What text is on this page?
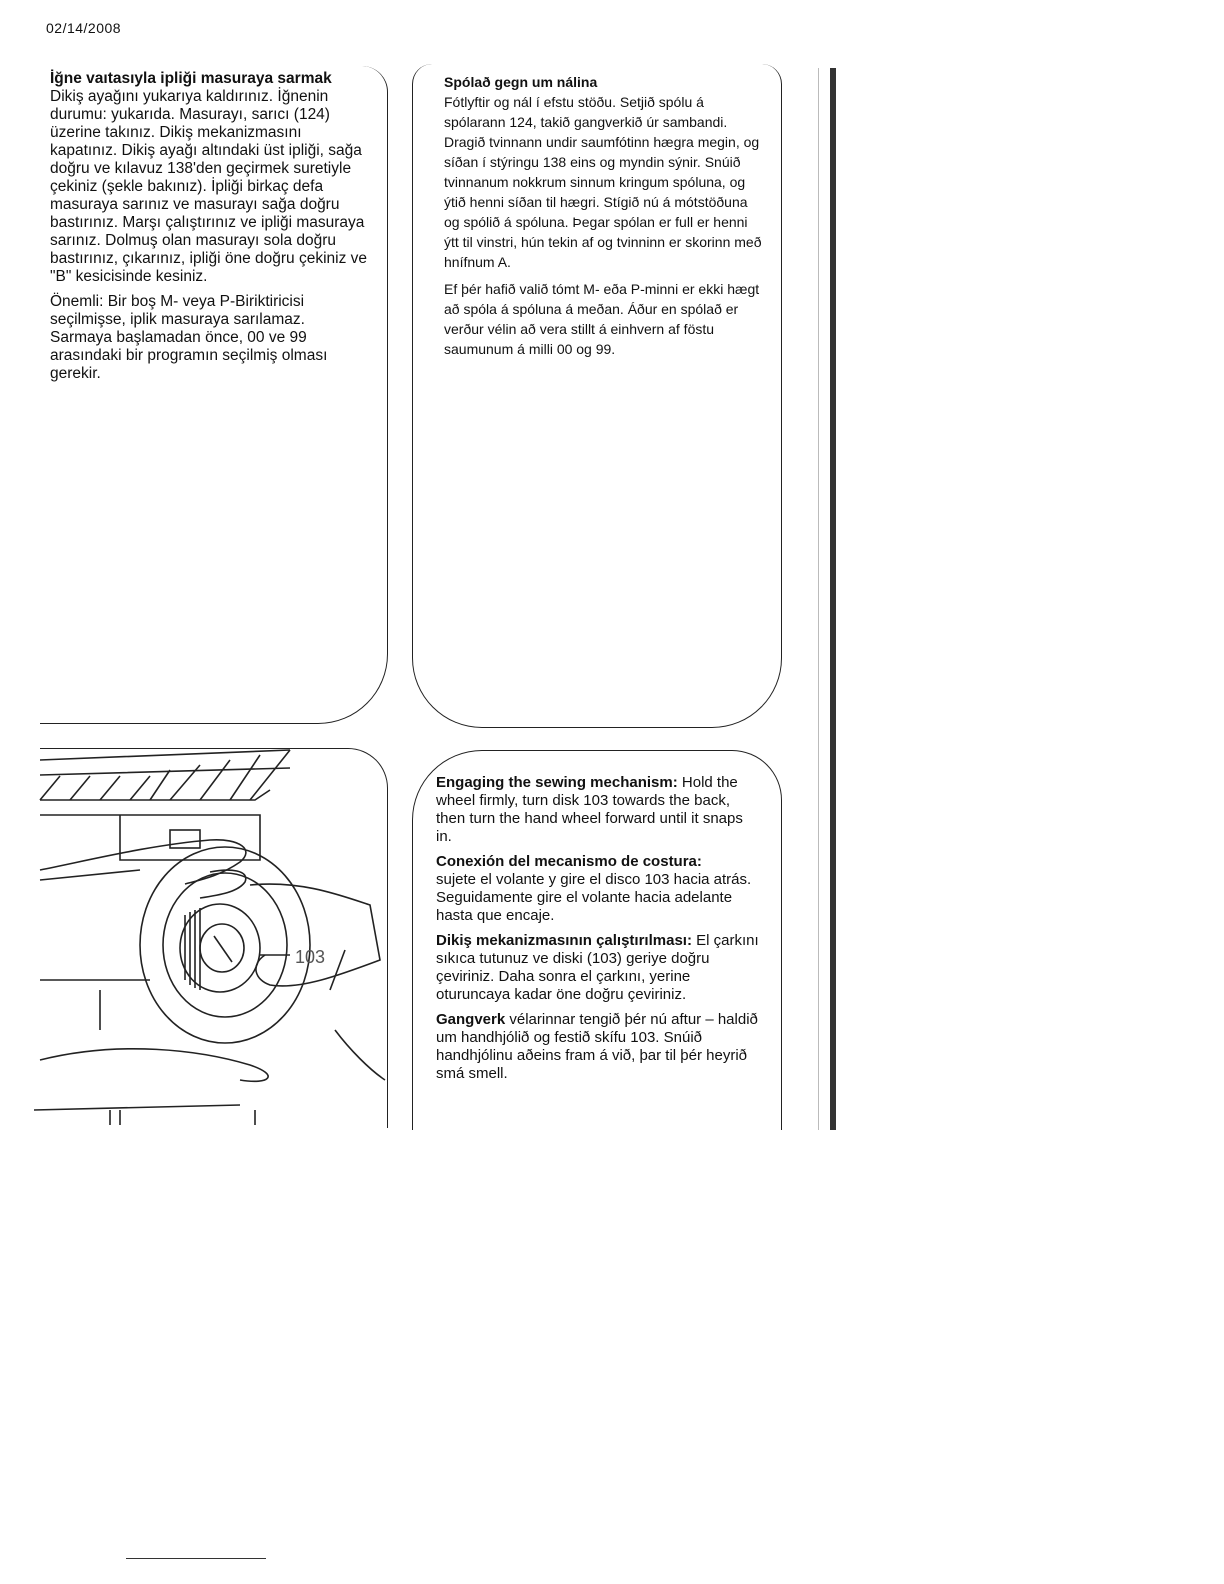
02/14/2008

İğne vaıtasıyla ipliği masuraya sarmak
Dikiş ayağını yukarıya kaldırınız. İğnenin durumu: yukarıda. Masurayı, sarıcı (124) üzerine takınız. Dikiş mekanizmasını kapatınız. Dikiş ayağı altındaki üst ipliği, sağa doğru ve kılavuz 138'den geçirmek suretiyle çekiniz (şekle bakınız). İpliği birkaç defa masuraya sarınız ve masurayı sağa doğru bastırınız. Marşı çalıştırınız ve ipliği masuraya sarınız. Dolmuş olan masurayı sola doğru bastırınız, çıkarınız, ipliği öne doğru çekiniz ve "B" kesicisinde kesiniz.

Önemli: Bir boş M- veya P-Biriktiricisi seçilmişse, iplik masuraya sarılamaz. Sarmaya başlamadan önce, 00 ve 99 arasındaki bir programın seçilmiş olması gerekir.

Spólað gegn um nálina
Fótlyftir og nál í efstu stöðu. Setjið spólu á spólarann 124, takið gangverkið úr sambandi. Dragið tvinnann undir saumfótinn hægra megin, og síðan í stýringu 138 eins og myndin sýnir. Snúið tvinnanum nokkrum sinnum kringum spóluna, og ýtið henni síðan til hægri. Stígið nú á mótstöðuna og spólið á spóluna. Þegar spólan er full er henni ýtt til vinstri, hún tekin af og tvinninn er skorinn með hnífnum A.

Ef þér hafið valið tómt M- eða P-minni er ekki hægt að spóla á spóluna á meðan. Áður en spólað er verður vélin að vera stillt á einhvern af föstu saumunum á milli 00 og 99.

103

Engaging the sewing mechanism: Hold the wheel firmly, turn disk 103 towards the back, then turn the hand wheel forward until it snaps in.

Conexión del mecanismo de costura:
sujete el volante y gire el disco 103 hacia atrás. Seguidamente gire el volante hacia adelante hasta que encaje.

Dikiş mekanizmasının çalıştırılması: El çarkını sıkıca tutunuz ve diski (103) geriye doğru çeviriniz. Daha sonra el çarkını, yerine oturuncaya kadar öne doğru çeviriniz.

Gangverk vélarinnar tengið þér nú aftur – haldið um handhjólið og festið skífu 103. Snúið handhjólinu aðeins fram á við, þar til þér heyrið smá smell.
